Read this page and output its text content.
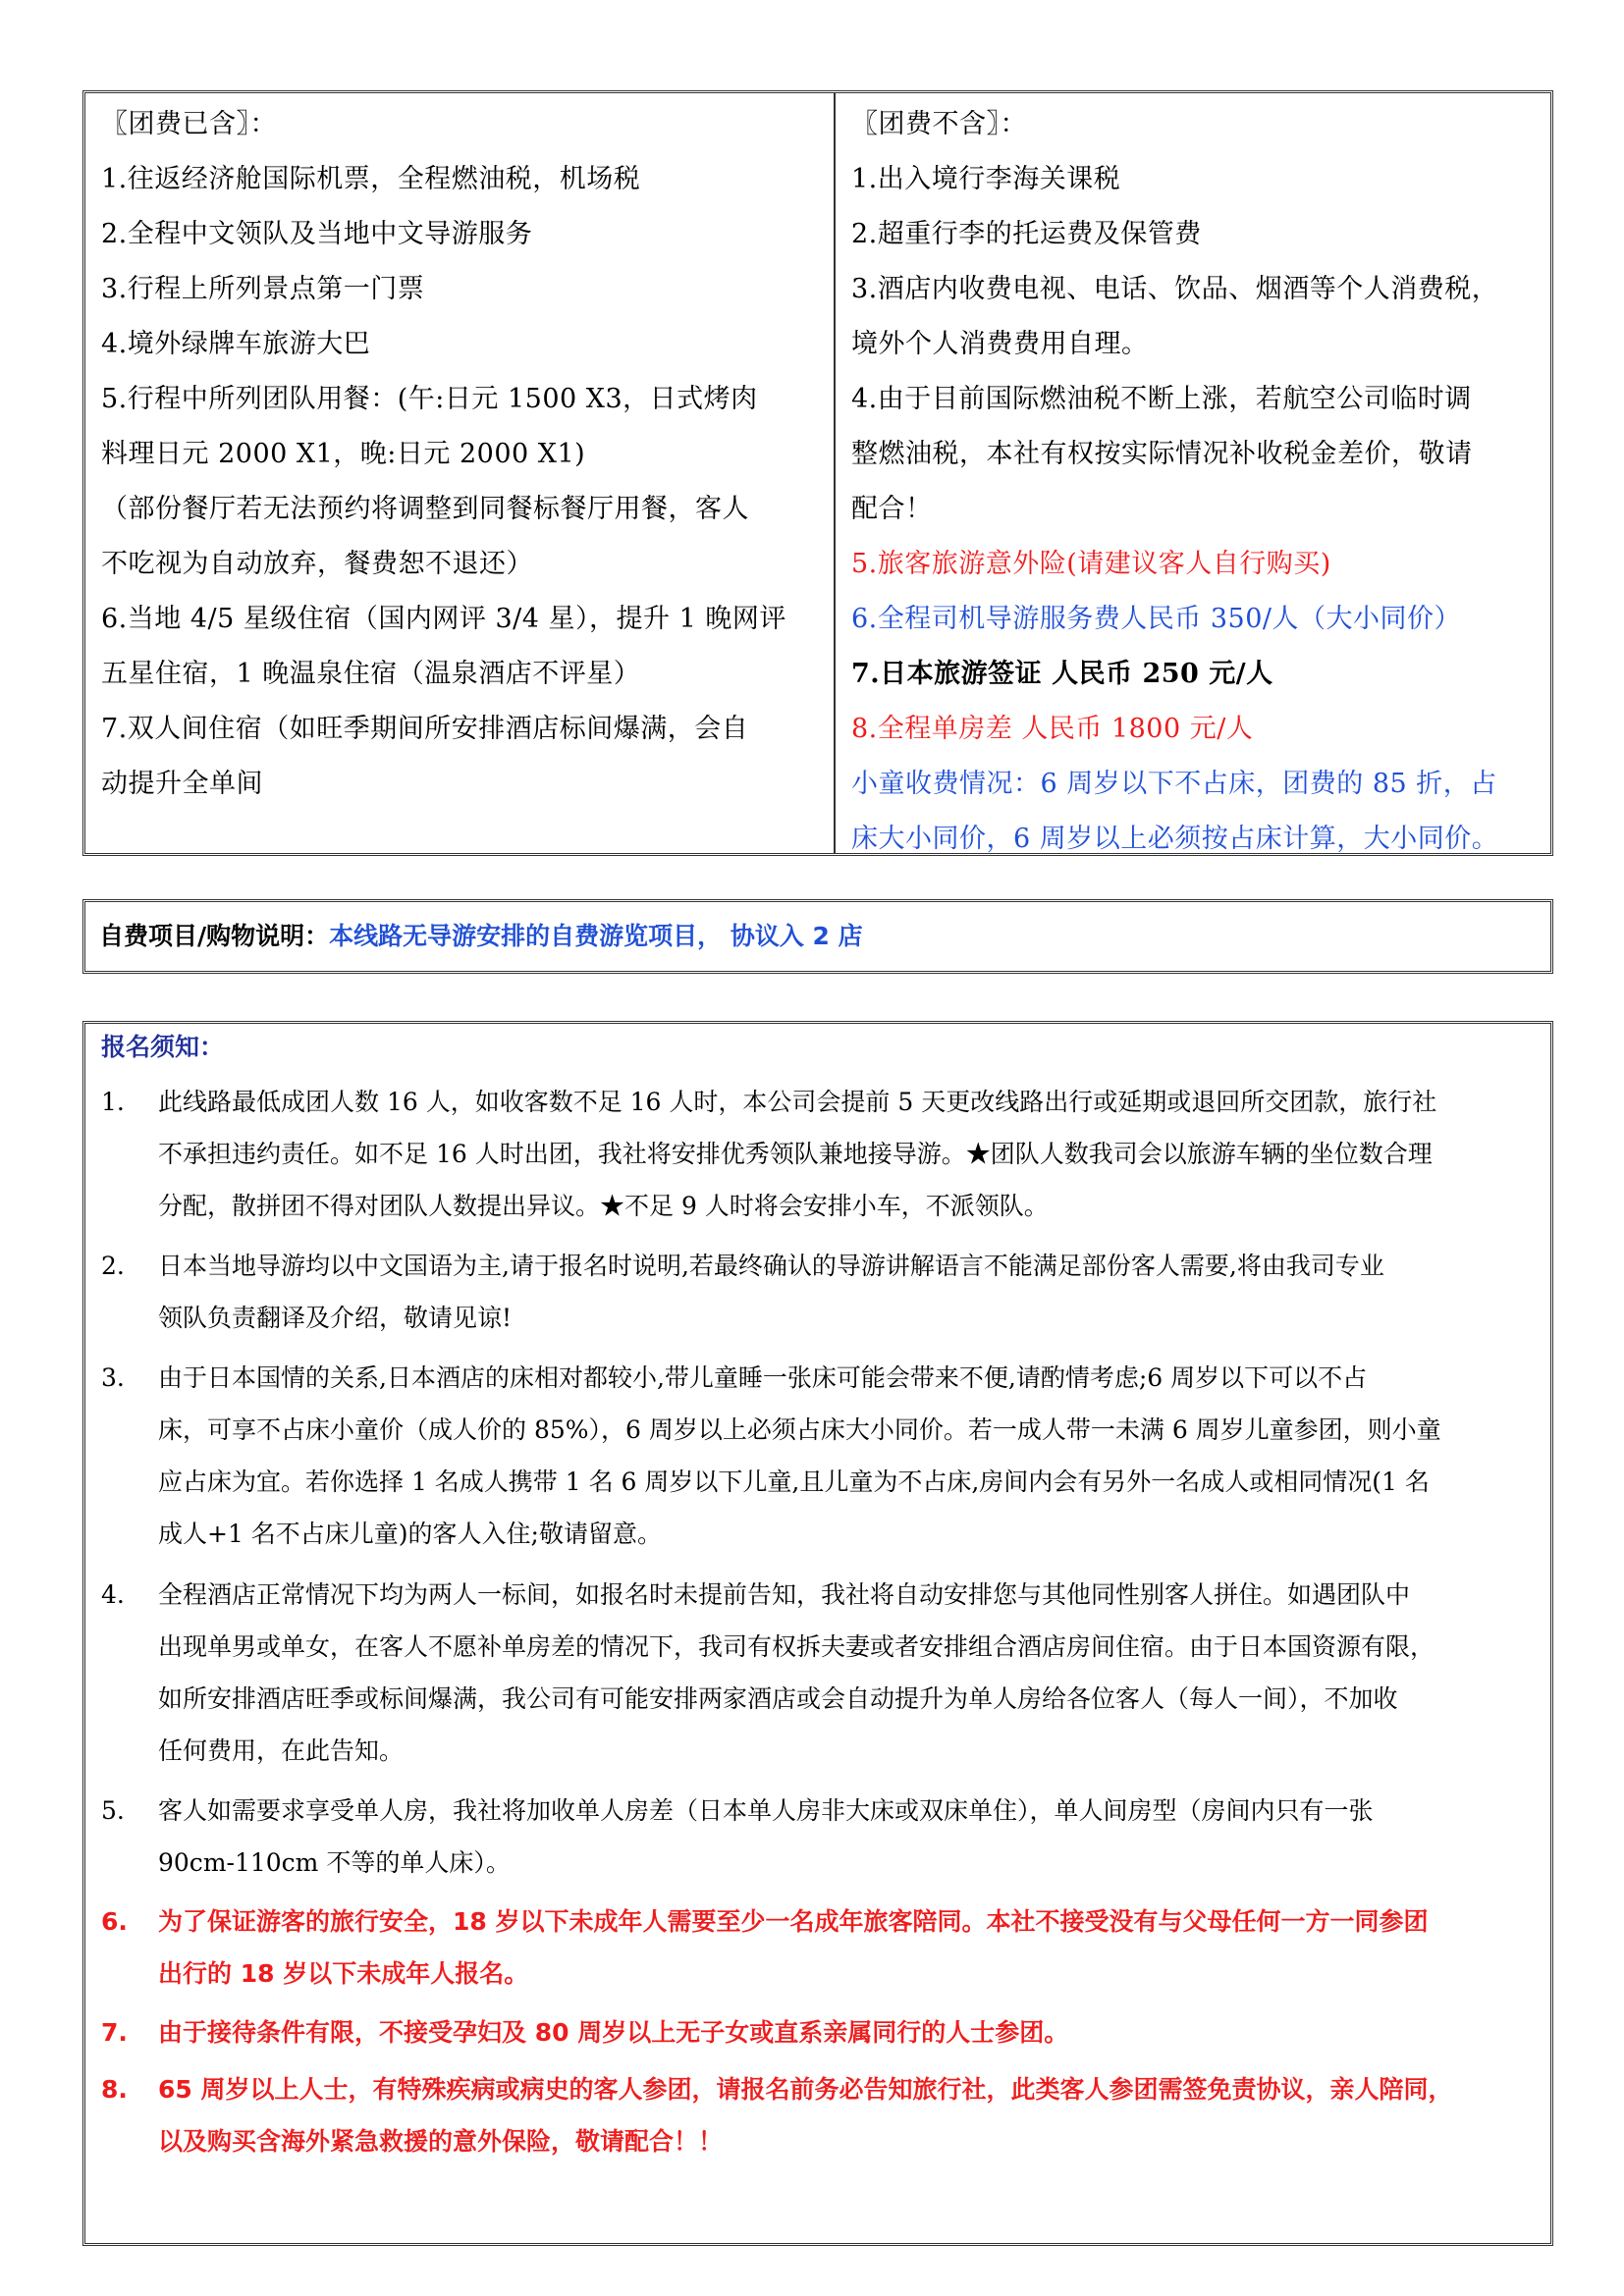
〖团费已含〗：
1.往返经济舱国际机票，全程燃油税，机场税
2.全程中文领队及当地中文导游服务
3.行程上所列景点第一门票
4.境外绿牌车旅游大巴
5.行程中所列团队用餐：(午:日元 1500 X3，日式烤肉
料理日元 2000 X1，晚:日元 2000 X1)
（部份餐厅若无法预约将调整到同餐标餐厅用餐，客人
不吃视为自动放弃，餐费恕不退还）
6.当地 4/5 星级住宿（国内网评 3/4 星），提升 1 晚网评
五星住宿，1 晚温泉住宿（温泉酒店不评星）
7.双人间住宿（如旺季期间所安排酒店标间爆满，会自
动提升全单间
〖团费不含〗：
1.出入境行李海关课税
2.超重行李的托运费及保管费
3.酒店内收费电视、电话、饮品、烟酒等个人消费税，
境外个人消费费用自理。
4.由于目前国际燃油税不断上涨，若航空公司临时调
整燃油税，本社有权按实际情况补收税金差价，敬请
配合！
5.旅客旅游意外险(请建议客人自行购买)
6.全程司机导游服务费人民币 350/人（大小同价）
7.日本旅游签证 人民币 250 元/人
8.全程单房差 人民币 1800 元/人
小童收费情况：6 周岁以下不占床，团费的 85 折，占
床大小同价，6 周岁以上必须按占床计算，大小同价。
自费项目/购物说明：本线路无导游安排的自费游览项目， 协议入 2 店
报名须知：
1. 此线路最低成团人数 16 人，如收客数不足 16 人时，本公司会提前 5 天更改线路出行或延期或退回所交团款，旅行社
不承担违约责任。如不足 16 人时出团，我社将安排优秀领队兼地接导游。★团队人数我司会以旅游车辆的坐位数合理
分配，散拼团不得对团队人数提出异议。★不足 9 人时将会安排小车，不派领队。
2. 日本当地导游均以中文国语为主,请于报名时说明,若最终确认的导游讲解语言不能满足部份客人需要,将由我司专业
领队负责翻译及介绍，敬请见谅!
3. 由于日本国情的关系,日本酒店的床相对都较小,带儿童睡一张床可能会带来不便,请酌情考虑;6 周岁以下可以不占
床，可享不占床小童价（成人价的 85%），6 周岁以上必须占床大小同价。若一成人带一未满 6 周岁儿童参团，则小童
应占床为宜。若你选择 1 名成人携带 1 名 6 周岁以下儿童,且儿童为不占床,房间内会有另外一名成人或相同情况(1 名
成人+1 名不占床儿童)的客人入住;敬请留意。
4. 全程酒店正常情况下均为两人一标间，如报名时未提前告知，我社将自动安排您与其他同性别客人拼住。如遇团队中
出现单男或单女，在客人不愿补单房差的情况下，我司有权拆夫妻或者安排组合酒店房间住宿。由于日本国资源有限，
如所安排酒店旺季或标间爆满，我公司有可能安排两家酒店或会自动提升为单人房给各位客人（每人一间），不加收
任何费用，在此告知。
5. 客人如需要求享受单人房，我社将加收单人房差（日本单人房非大床或双床单住），单人间房型（房间内只有一张
90cm-110cm 不等的单人床）。
6. 为了保证游客的旅行安全，18 岁以下未成年人需要至少一名成年旅客陪同。本社不接受没有与父母任何一方一同参团
出行的 18 岁以下未成年人报名。
7. 由于接待条件有限，不接受孕妇及 80 周岁以上无子女或直系亲属同行的人士参团。
8. 65 周岁以上人士，有特殊疾病或病史的客人参团，请报名前务必告知旅行社，此类客人参团需签免责协议，亲人陪同，
以及购买含海外紧急救援的意外保险，敬请配合！！
